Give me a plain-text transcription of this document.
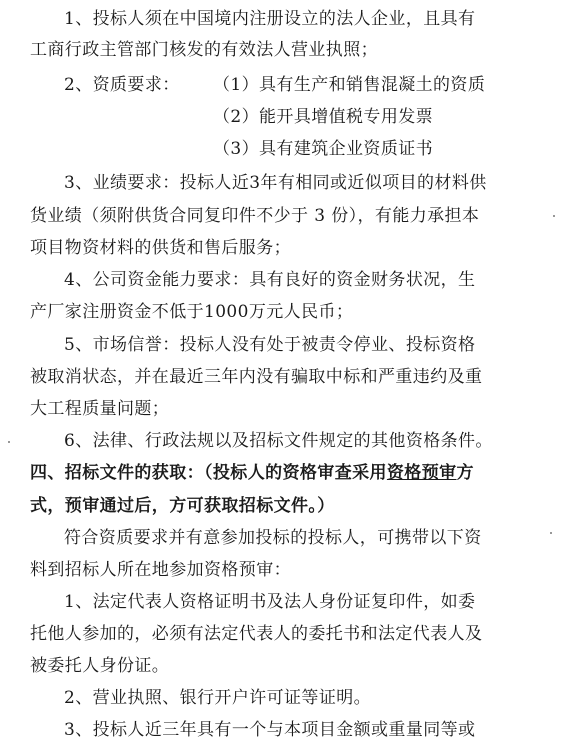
1、投标人须在中国境内注册设立的法人企业，且具有
工商行政主管部门核发的有效法人营业执照；
2、资质要求： （1）具有生产和销售混凝土的资质
（2）能开具增值税专用发票
（3）具有建筑企业资质证书
3、业绩要求：投标人近3年有相同或近似项目的材料供
货业绩（须附供货合同复印件不少于 3 份），有能力承担本
项目物资材料的供货和售后服务；
4、公司资金能力要求：具有良好的资金财务状况，生
产厂家注册资金不低于1000万元人民币；
5、市场信誉：投标人没有处于被责令停业、投标资格
被取消状态，并在最近三年内没有骗取中标和严重违约及重
大工程质量问题；
6、法律、行政法规以及招标文件规定的其他资格条件。
四、招标文件的获取：（投标人的资格审查采用资格预审方
式，预审通过后，方可获取招标文件。）
符合资质要求并有意参加投标的投标人，可携带以下资
料到招标人所在地参加资格预审：
1、法定代表人资格证明书及法人身份证复印件，如委
托他人参加的，必须有法定代表人的委托书和法定代表人及
被委托人身份证。
2、营业执照、银行开户许可证等证明。
3、投标人近三年具有一个与本项目金额或重量同等或
